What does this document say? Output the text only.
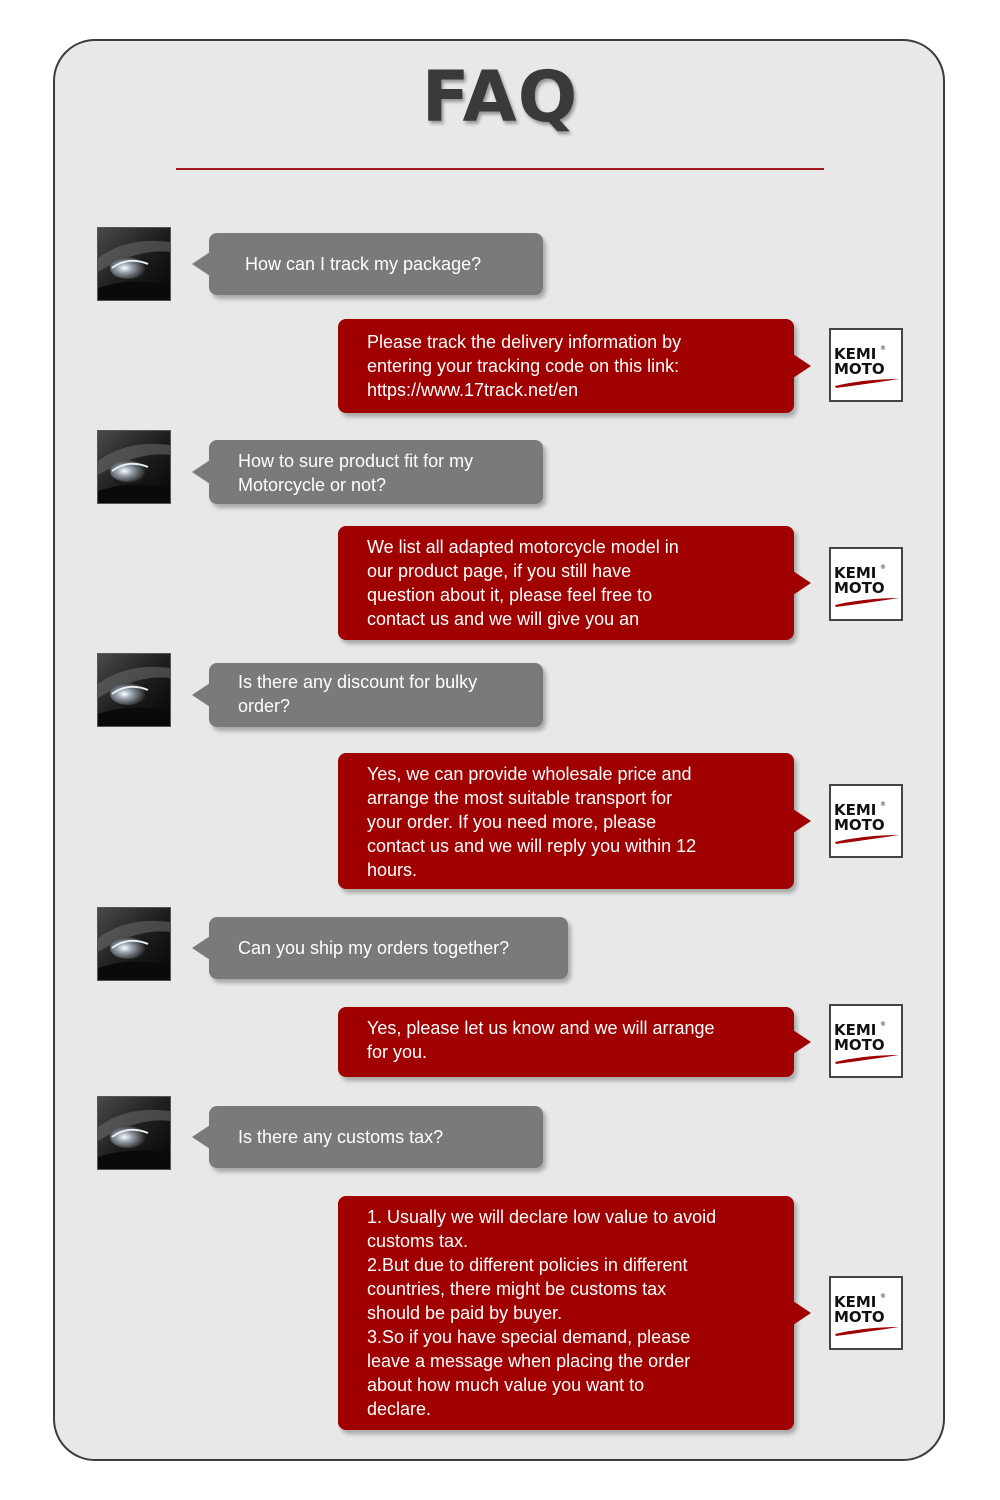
FAQ
How can I track my package?
Please track the delivery information by
entering your tracking code on this link:
https://www.17track.net/en
KEMI ®
MOTO
How to sure product fit for my
Motorcycle or not?
We list all adapted motorcycle model in
our product page, if you still have
question about it, please feel free to
contact us and we will give you an
KEMI ®
MOTO
Is there any discount for bulky
order?
Yes, we can provide wholesale price and
arrange the most suitable transport for
your order. If you need more, please
contact us and we will reply you within 12
hours.
KEMI ®
MOTO
Can you ship my orders together?
Yes, please let us know and we will arrange
for you.
KEMI ®
MOTO
Is there any customs tax?
1. Usually we will declare low value to avoid
customs tax.
2.But due to different policies in different
countries, there might be customs tax
should be paid by buyer.
3.So if you have special demand, please
leave a message when placing the order
about how much value you want to
declare.
KEMI ®
MOTO
